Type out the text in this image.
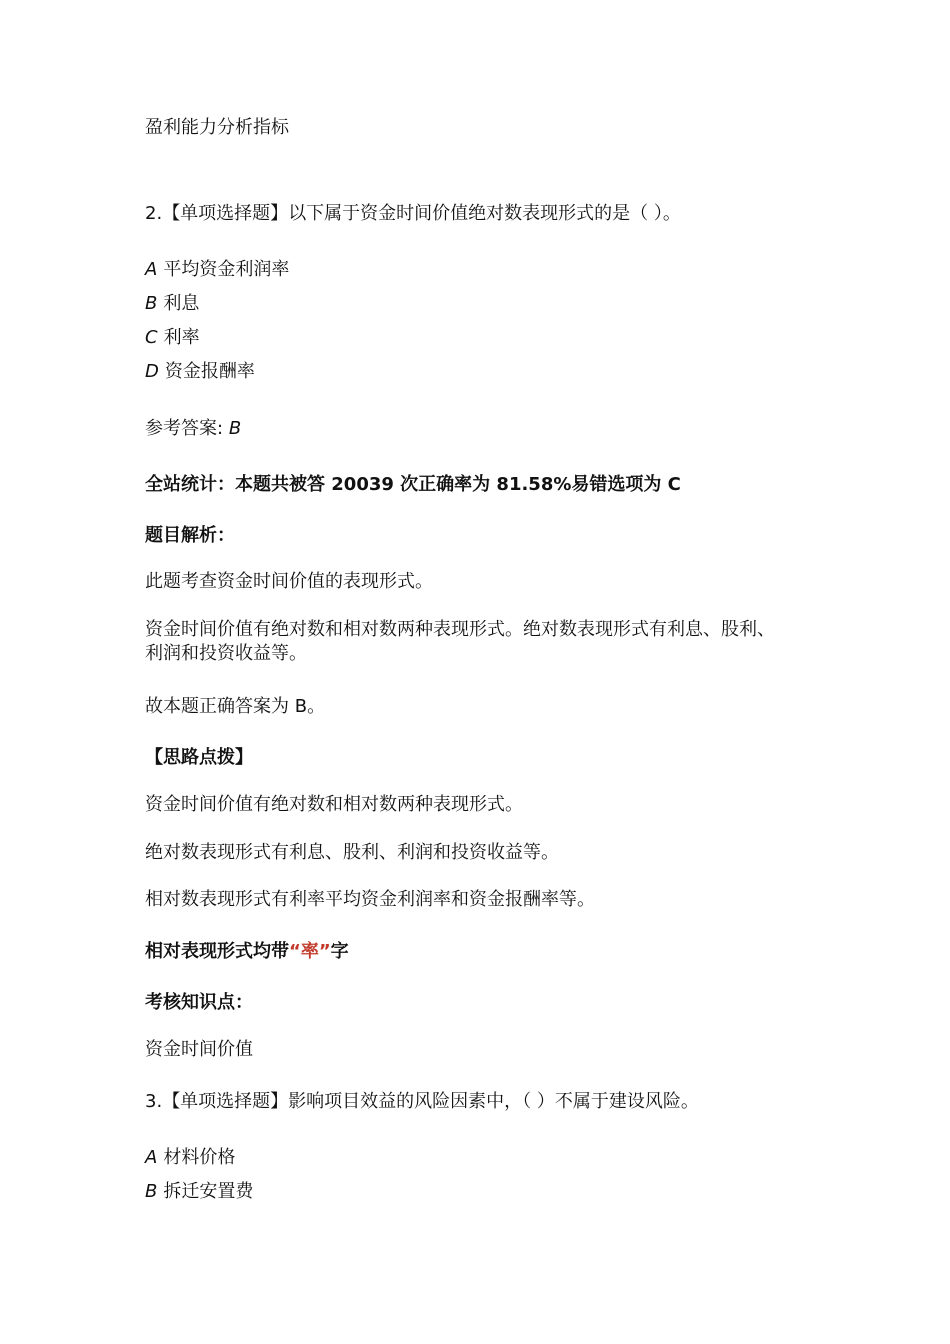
盈利能力分析指标
2.【单项选择题】以下属于资金时间价值绝对数表现形式的是（ ）。
A 平均资金利润率
B 利息
C 利率
D 资金报酬率
参考答案: B
全站统计：本题共被答 20039 次正确率为 81.58%易错选项为 C
题目解析：
此题考查资金时间价值的表现形式。
资金时间价值有绝对数和相对数两种表现形式。绝对数表现形式有利息、股利、利润和投资收益等。
故本题正确答案为 B。
【思路点拨】
资金时间价值有绝对数和相对数两种表现形式。
绝对数表现形式有利息、股利、利润和投资收益等。
相对数表现形式有利率平均资金利润率和资金报酬率等。
相对表现形式均带“率”字
考核知识点：
资金时间价值
3.【单项选择题】影响项目效益的风险因素中，（ ）不属于建设风险。
A 材料价格
B 拆迁安置费
